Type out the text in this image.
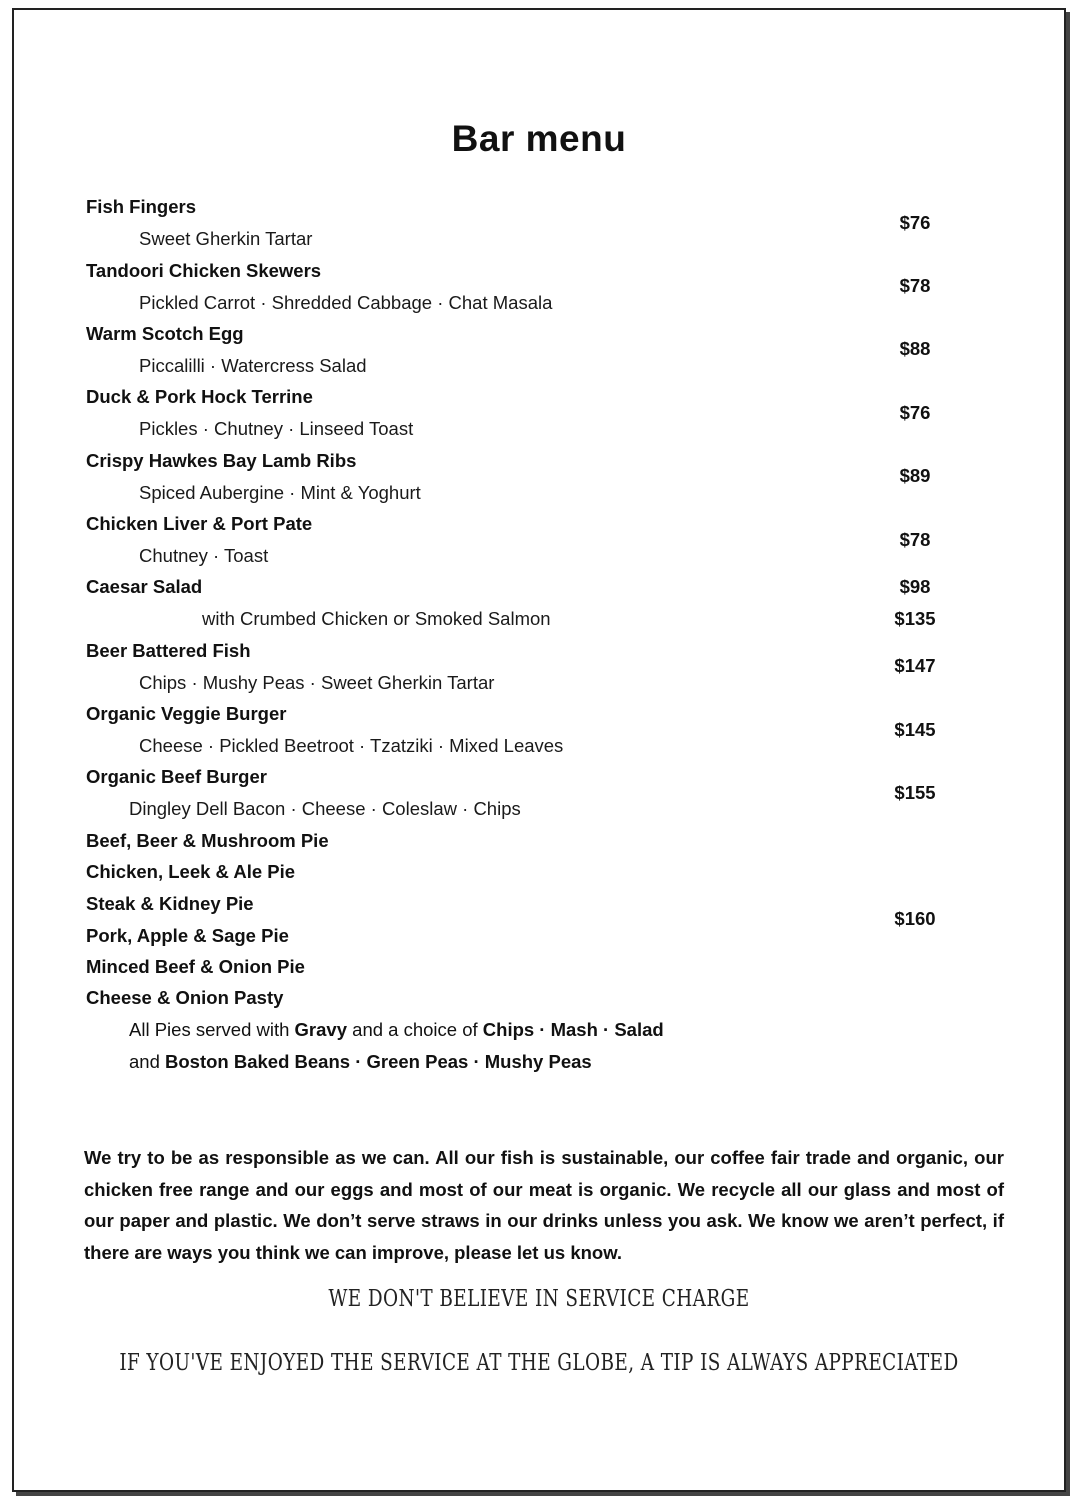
Bar menu
Fish Fingers
Sweet Gherkin Tartar
$76
Tandoori Chicken Skewers
Pickled Carrot · Shredded Cabbage · Chat Masala
$78
Warm Scotch Egg
Piccalilli · Watercress Salad
$88
Duck & Pork Hock Terrine
Pickles · Chutney · Linseed Toast
$76
Crispy Hawkes Bay Lamb Ribs
Spiced Aubergine · Mint & Yoghurt
$89
Chicken Liver & Port Pate
Chutney · Toast
$78
Caesar Salad	$98
with Crumbed Chicken or Smoked Salmon	$135
Beer Battered Fish
Chips · Mushy Peas · Sweet Gherkin Tartar
$147
Organic Veggie Burger
Cheese · Pickled Beetroot · Tzatziki · Mixed Leaves
$145
Organic Beef Burger
Dingley Dell Bacon · Cheese · Coleslaw · Chips
$155
Beef, Beer & Mushroom Pie
Chicken, Leek & Ale Pie
Steak & Kidney Pie
Pork, Apple & Sage Pie
Minced Beef & Onion Pie
Cheese & Onion Pasty
$160
All Pies served with Gravy and a choice of Chips · Mash · Salad
and Boston Baked Beans · Green Peas · Mushy Peas
We try to be as responsible as we can. All our fish is sustainable, our coffee fair trade and organic, our chicken free range and our eggs and most of our meat is organic. We recycle all our glass and most of our paper and plastic. We don’t serve straws in our drinks unless you ask. We know we aren’t perfect, if there are ways you think we can improve, please let us know.
WE DON'T BELIEVE IN SERVICE CHARGE
IF YOU'VE ENJOYED THE SERVICE AT THE GLOBE, A TIP IS ALWAYS APPRECIATED
